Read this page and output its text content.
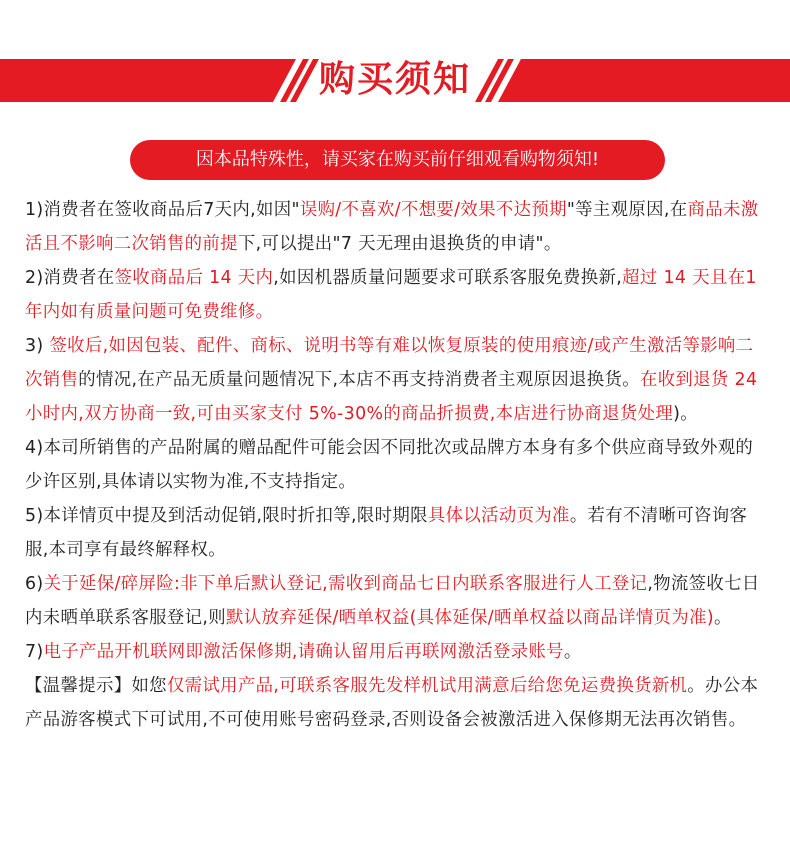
购买须知
因本品特殊性，请买家在购买前仔细观看购物须知!

1)消费者在签收商品后7天内,如因"误购/不喜欢/不想要/效果不达预期"等主观原因,在商品未激活且不影响二次销售的前提下,可以提出"7 天无理由退换货的申请"。

2)消费者在签收商品后 14 天内,如因机器质量问题要求可联系客服免费换新,超过 14 天且在1年内如有质量问题可免费维修。

3) 签收后,如因包装、配件、商标、说明书等有难以恢复原装的使用痕迹/或产生激活等影响二次销售的情况,在产品无质量问题情况下,本店不再支持消费者主观原因退换货。在收到退货 24 小时内,双方协商一致,可由买家支付 5%-30%的商品折损费,本店进行协商退货处理)。

4)本司所销售的产品附属的赠品配件可能会因不同批次或品牌方本身有多个供应商导致外观的少许区别,具体请以实物为准,不支持指定。

5)本详情页中提及到活动促销,限时折扣等,限时期限具体以活动页为准。若有不清晰可咨询客服,本司享有最终解释权。

6)关于延保/碎屏险:非下单后默认登记,需收到商品七日内联系客服进行人工登记,物流签收七日内未晒单联系客服登记,则默认放弃延保/晒单权益(具体延保/晒单权益以商品详情页为准)。

7)电子产品开机联网即激活保修期,请确认留用后再联网激活登录账号。

【温馨提示】如您仅需试用产品,可联系客服先发样机试用满意后给您免运费换货新机。办公本产品游客模式下可试用,不可使用账号密码登录,否则设备会被激活进入保修期无法再次销售。
